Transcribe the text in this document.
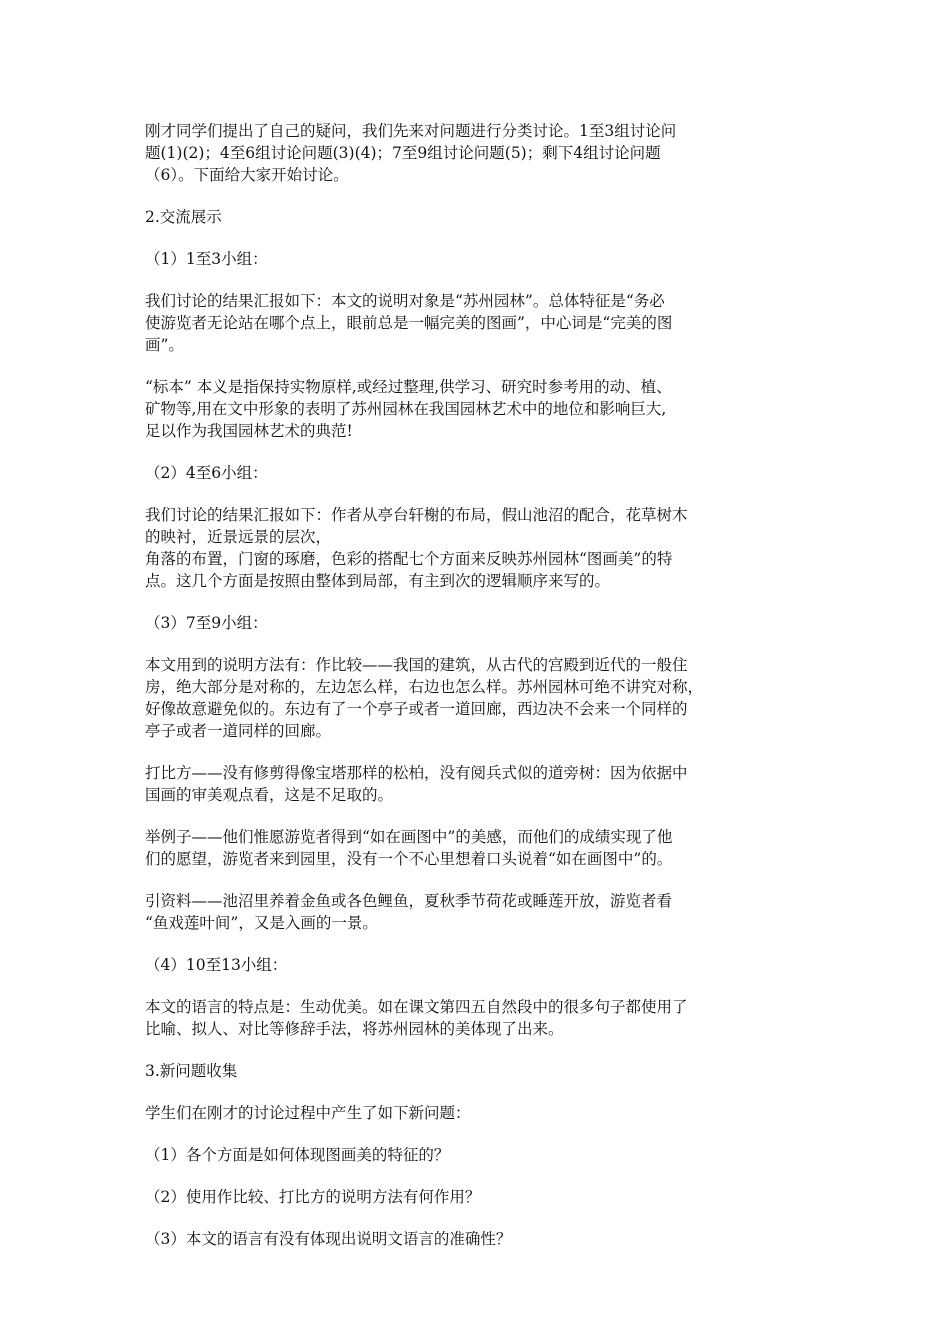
刚才同学们提出了自己的疑问，我们先来对问题进行分类讨论。1至3组讨论问
题(1)(2)；4至6组讨论问题(3)(4)；7至9组讨论问题(5)；剩下4组讨论问题
（6）。下面给大家开始讨论。
2.交流展示
（1）1至3小组：
我们讨论的结果汇报如下：本文的说明对象是“苏州园林”。总体特征是“务必
使游览者无论站在哪个点上，眼前总是一幅完美的图画”，中心词是“完美的图
画”。
“标本” 本义是指保持实物原样,或经过整理,供学习、研究时参考用的动、植、
矿物等,用在文中形象的表明了苏州园林在我国园林艺术中的地位和影响巨大,
足以作为我国园林艺术的典范!
（2）4至6小组：
我们讨论的结果汇报如下：作者从亭台轩榭的布局，假山池沼的配合，花草树木
的映衬，近景远景的层次，
角落的布置，门窗的琢磨，色彩的搭配七个方面来反映苏州园林“图画美”的特
点。这几个方面是按照由整体到局部，有主到次的逻辑顺序来写的。
（3）7至9小组：
本文用到的说明方法有：作比较——我国的建筑，从古代的宫殿到近代的一般住
房，绝大部分是对称的，左边怎么样，右边也怎么样。苏州园林可绝不讲究对称，
好像故意避免似的。东边有了一个亭子或者一道回廊，西边决不会来一个同样的
亭子或者一道同样的回廊。
打比方——没有修剪得像宝塔那样的松柏，没有阅兵式似的道旁树：因为依据中
国画的审美观点看，这是不足取的。
举例子——他们惟愿游览者得到“如在画图中”的美感，而他们的成绩实现了他
们的愿望，游览者来到园里，没有一个不心里想着口头说着“如在画图中”的。
引资料——池沼里养着金鱼或各色鲤鱼，夏秋季节荷花或睡莲开放，游览者看
“鱼戏莲叶间”，又是入画的一景。
（4）10至13小组：
本文的语言的特点是：生动优美。如在课文第四五自然段中的很多句子都使用了
比喻、拟人、对比等修辞手法，将苏州园林的美体现了出来。
3.新问题收集
学生们在刚才的讨论过程中产生了如下新问题：
（1）各个方面是如何体现图画美的特征的？
（2）使用作比较、打比方的说明方法有何作用？
（3）本文的语言有没有体现出说明文语言的准确性？
